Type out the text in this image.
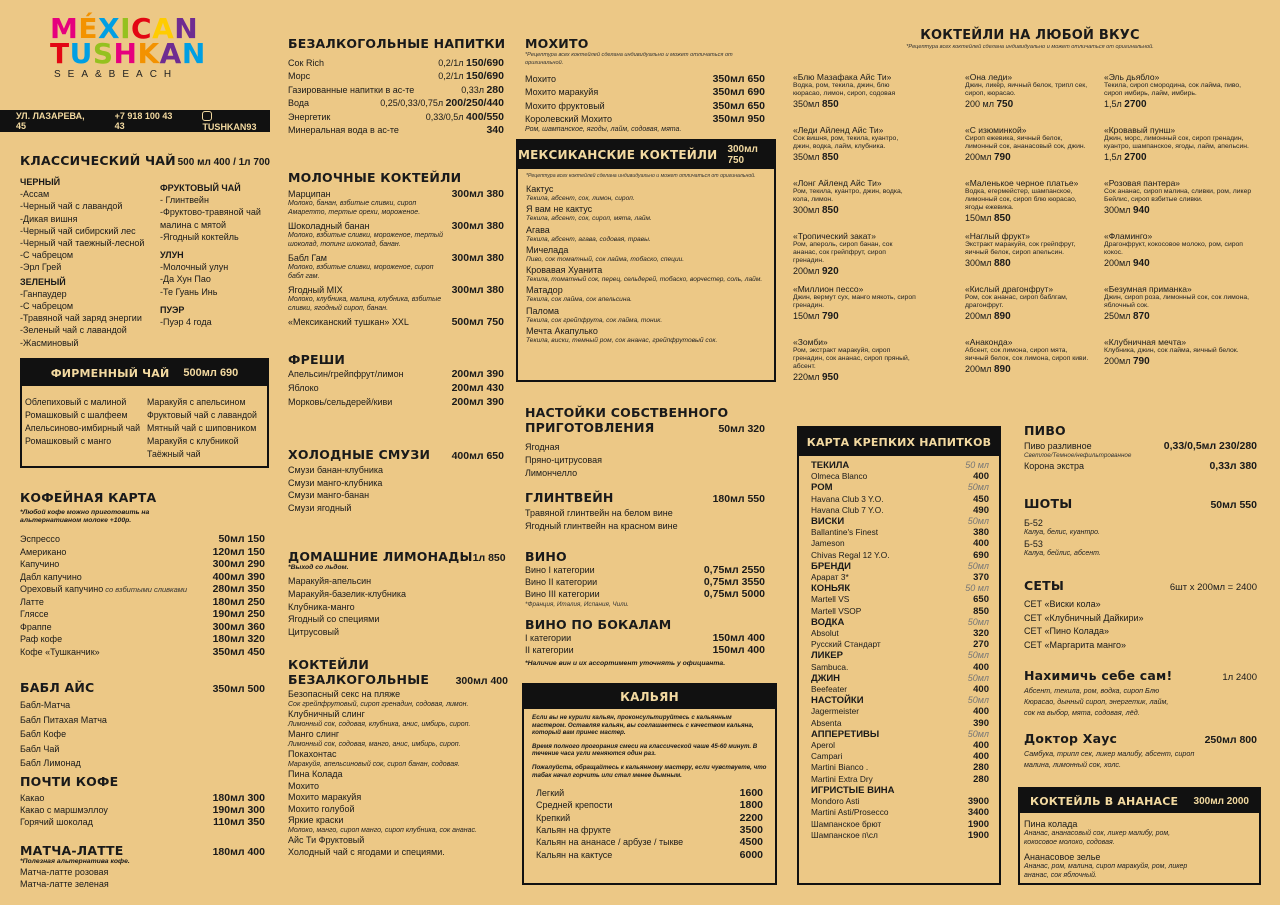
MÉXICAN
TUSHKAN
SEA&BEACH
УЛ. ЛАЗАРЕВА, 45
+7 918 100 43 43	TUSHKAN93
КЛАССИЧЕСКИЙ ЧАЙ 500 мл 400 / 1л 700
ЧЕРНЫЙ
-Ассам
-Черный чай с лавандой
-Дикая вишня
-Черный чай сибирский лес
-Черный чай таежный-лесной
-С чабрецом
-Эрл Грей
ЗЕЛЕНЫЙ
-Ганпаудер
-С чабрецом
-Травяной чай заряд энергии
-Зеленый чай с лавандой
-Жасминовый
ФРУКТОВЫЙ ЧАЙ
- Глинтвейн
-Фруктово-травяной чай
малина с мятой
-Ягодный коктейль
УЛУН
-Молочный улун
-Да Хун Пао
-Те Гуань Инь
ПУЭР
-Пуэр 4 года
ФИРМЕННЫЙ ЧАЙ 500мл 690
Облепиховый с малиной
Ромашковый с шалфеем
Апельсиново-имбирный чай
Ромашковый с манго
Маракуйя с апельсином
Фруктовый чай с лавандой
Мятный чай с шиповником
Маракуйя с клубникой
Таёжный чай
КОФЕЙНАЯ КАРТА
*Любой кофе можно приготовить на альтернативном молоке +100р.
Эспрессо	50мл 150
Американо	120мл 150
Капучино	300мл 290
Дабл капучино	400мл 390
Ореховый капучино со взбитыми сливками 280мл 350
Латте	180мл 250
Гляссе	190мл 250
Фраппе	300мл 360
Раф кофе	180мл 320
Кофе «Тушканчик»	350мл 450
БАБЛ АЙС	350мл 500
Бабл-Матча
Бабл Питахая Матча
Бабл Кофе
Бабл Чай
Бабл Лимонад
ПОЧТИ КОФЕ
Какао	180мл 300
Какао с маршмэллоу	190мл 300
Горячий шоколад	110мл 350
МАТЧА-ЛАТТЕ	180мл 400
*Полезная альтернатива кофе.
Матча-латте розовая
Матча-латте зеленая
БЕЗАЛКОГОЛЬНЫЕ НАПИТКИ
Сок Rich	0,2/1л 150/690
Морс	0,2/1л 150/690
Газированные напитки в ас-те	0,33л 280
Вода	0,25/0,33/0,75л 200/250/440
Энергетик	0,33/0,5л 400/550
Минеральная вода в ас-те	340
МОЛОЧНЫЕ КОКТЕЙЛИ
Марципан	300мл 380
Молоко, банан, взбитые сливки, сироп Амаретто, тертые орехи, мороженое.
Шоколадный банан	300мл 380
Молоко, взбитые сливки, мороженое, тертый шоколад, топинг шоколад, банан.
Бабл Гам	300мл 380
Молоко, взбитые сливки, мороженое, сироп бабл гам.
Ягодный MIX	300мл 380
Молоко, клубника, малина, клубника, взбитые сливки, ягодный сироп, банан.
«Мексиканский тушкан» XXL	500мл 750
ФРЕШИ
Апельсин/грейпфрут/лимон	200мл 390
Яблоко	200мл 430
Морковь/сельдерей/киви	200мл 390
ХОЛОДНЫЕ СМУЗИ 400мл 650
Смузи банан-клубника
Смузи манго-клубника
Смузи манго-банан
Смузи ягодный
ДОМАШНИЕ ЛИМОНАДЫ 1л 850
*Выход со льдом.
Маракуйя-апельсин
Маракуйя-базелик-клубника
Клубника-манго
Ягодный со специями
Цитрусовый
КОКТЕЙЛИ
БЕЗАЛКОГОЛЬНЫЕ	300мл 400
Безопасный секс на пляже
Сок грейпфрутовый, сироп гренадин, содовая, лимон.
Клубничный слинг
Лимонный сок, содовая, клубника, анис, имбирь, сироп.
Манго слинг
Лимонный сок, содовая, манго, анис, имбирь, сироп.
Покахонтас
Маракуйя, апельсиновый сок, сироп банан, содовая.
Пина Колада
Мохито
Мохито маракуйя
Мохито голубой
Яркие краски
Молоко, манго, сироп манго, сироп клубника, сок ананас.
Айс Ти Фруктовый
Холодный чай с ягодами и специями.
МОХИТО
*Рецептура всех коктейлей сделана индивидуально и может отличаться от оригинальной.
Мохито	350мл 650
Мохито маракуйя	350мл 690
Мохито фруктовый	350мл 650
Королевский Мохито	350мл 950
Ром, шампанское, ягоды, лайм, содовая, мята.
МЕКСИКАНСКИЕ КОКТЕЙЛИ 300мл 750
*Рецептура всех коктейлей сделана индивидуально и может отличаться от оригинальной.
Кактус
Текила, абсент, сок, лимон, сироп.
Я вам не кактус
Текила, абсент, сок, сироп, мята, лайм.
Агава
Текила, абсент, агава, содовая, травы.
Мичелада
Пиво, сок томатный, сок лайма, тобаско, специи.
Кровавая Хуанита
Текила, томатный сок, перец, сельдерей, тобаско, ворчестер, соль, лайм.
Матадор
Текила, сок лайма, сок апельсина.
Палома
Текила, сок грейпфрута, сок лайма, тоник.
Мечта Акапулько
Текила, виски, темный ром, сок ананас, грейпфрутовый сок.
НАСТОЙКИ СОБСТВЕННОГО
ПРИГОТОВЛЕНИЯ	50мл 320
Ягодная
Пряно-цитрусовая
Лимончелло
ГЛИНТВЕЙН	180мл 550
Травяной глинтвейн на белом вине
Ягодный глинтвейн на красном вине
ВИНО
Вино I категории	0,75мл 2550
Вино II категории	0,75мл 3550
Вино III категории	0,75мл 5000
*Франция, Италия, Испания, Чили.
ВИНО ПО БОКАЛАМ
I категории	150мл 400
II категории	150мл 400
*Наличие вин и их ассортимент уточнять у официанта.
КАЛЬЯН
Если вы не курили кальян, проконсультируйтесь с кальянным мастером. Оставляя кальян, вы соглашаетесь с качеством кальяна, который вам принес мастер.
Время полного прогорания смеси на классической чаше 45-60 минут. В течение часа угли меняются один раз.
Пожалуйста, обращайтесь к кальянному мастеру, если чувствуете, что табак начал горчить или стал менее дымным.
Легкий	1600
Средней крепости	1800
Крепкий	2200
Кальян на фрукте	3500
Кальян на ананасе / арбузе / тыкве	4500
Кальян на кактусе	6000
КОКТЕЙЛИ НА ЛЮБОЙ ВКУС
*Рецептура всех коктейлей сделана индивидуально и может отличаться от оригинальной.
«Блю Мазафака Айс Ти»
Водка, ром, текила, джин, блю кюрасао, лимон, сироп, содовая
350мл 850
«Леди Айленд Айс Ти»
Сок вишня, ром, текила, куантро, джин, водка, лайм, клубника.
350мл 850
«Лонг Айленд Айс Ти»
Ром, текила, куантро, джин, водка, кола, лимон.
300мл 850
«Тропический закат»
Ром, апероль, сироп банан, сок ананас, сок грейпфрут, сироп гренадин.
200мл 920
«Миллион пессо»
Джин, вермут сух, манго мякоть, сироп гренадин.
150мл 790
«Зомби»
Ром, экстракт маракуйя, сироп гренадин, сок ананас, сироп пряный, абсент.
220мл 950
«Она леди»
Джин, ликёр, яичный белок, трипл сек, сироп, кюрасао.
200 мл 750
«С изюминкой»
Сироп ежевика, яичный белок, лимонный сок, ананасовый сок, джин.
200мл 790
«Маленькое черное платье»
Водка, егермейстер, шампанское, лимонный сок, сироп блю кюрасао, ягоды ежевика.
150мл 850
«Наглый фрукт»
Экстракт маракуйя, сок грейпфрут, яичный белок, сироп апельсин.
300мл 880
«Кислый драгонфрут»
Ром, сок ананас, сироп баблгам, драгонфрут.
200мл 890
«Анаконда»
Абсент, сок лимона, сироп мята, яичный белок, сок лимона, сироп киви.
200мл 890
«Эль дьябло»
Текила, сироп смородина, сок лайма, пиво, сироп имбирь, лайм, имбирь.
1,5л 2700
«Кровавый пунш»
Джин, морс, лимонный сок, сироп гренадин, куантро, шампанское, ягоды, лайм, апельсин.
1,5л 2700
«Розовая пантера»
Сок ананас, сироп малина, сливки, ром, ликер Бейлис, сироп взбитые сливки.
300мл 940
«Фламинго»
Драгонфрукт, кокосовое молоко, ром, сироп кокос.
200мл 940
«Безумная приманка»
Джин, сироп роза, лимонный сок, сок лимона, яблочный сок.
250мл 870
«Клубничная мечта»
Клубника, джин, сок лайма, яичный белок.
200мл 790
КАРТА КРЕПКИХ НАПИТКОВ
ТЕКИЛА	50 мл
Olmeca Blanco	400
РОМ	50мл
Havana Club 3 Y.O.	450
Havana Club 7 Y.O.	490
ВИСКИ	50мл
Ballantine's Finest	380
Jameson	400
Chivas Regal 12 Y.O.	690
БРЕНДИ	50мл
Арарат 3*	370
КОНЬЯК	50 мл
Martell VS	650
Martell VSOP	850
ВОДКА	50мл
Absolut	320
Русский Стандарт	270
ЛИКЕР	50мл
Sambuca.	400
ДЖИН	50мл
Beefeater	400
НАСТОЙКИ	50мл
Jagermeister	400
Absenta	390
АППЕРЕТИВЫ	50мл
Aperol	400
Campari	400
Martini Bianco .	280
Martini Extra Dry	280
ИГРИСТЫЕ ВИНА
Mondoro Asti	3900
Martini Asti/Prosecco	3400
Шампанское брют	1900
Шампанское п\сл	1900
ПИВО
Пиво разливное	0,33/0,5мл 230/280
Светлое/Темное/нефильтрованное
Корона экстра	0,33л 380
ШОТЫ	50мл 550
Б-52
Калуа, белис, куантро.
Б-53
Калуа, бейлис, абсент.
СЕТЫ	6шт х 200мл = 2400
СЕТ «Виски кола»
СЕТ «Клубничный Дайкири»
СЕТ «Пино Колада»
СЕТ «Маргарита манго»
Нахимичь себе сам!	1л 2400
Абсент, текила, ром, водка, сироп Блю Кюрасао, дынный сироп, энергетик, лайм, сок на выбор, мята, содовая, лёд.
Доктор Хаус	250мл 800
Самбука, трипл сек, ликер малибу, абсент, сироп малина, лимонный сок, холс.
КОКТЕЙЛЬ В АНАНАСЕ 300мл 2000
Пина колада
Ананас, ананасовый сок, ликер малибу, ром, кокосовое молоко, содовая.
Ананасовое зелье
Ананас, ром, малина, сироп маракуйя, ром, ликер ананас, сок яблочный.
